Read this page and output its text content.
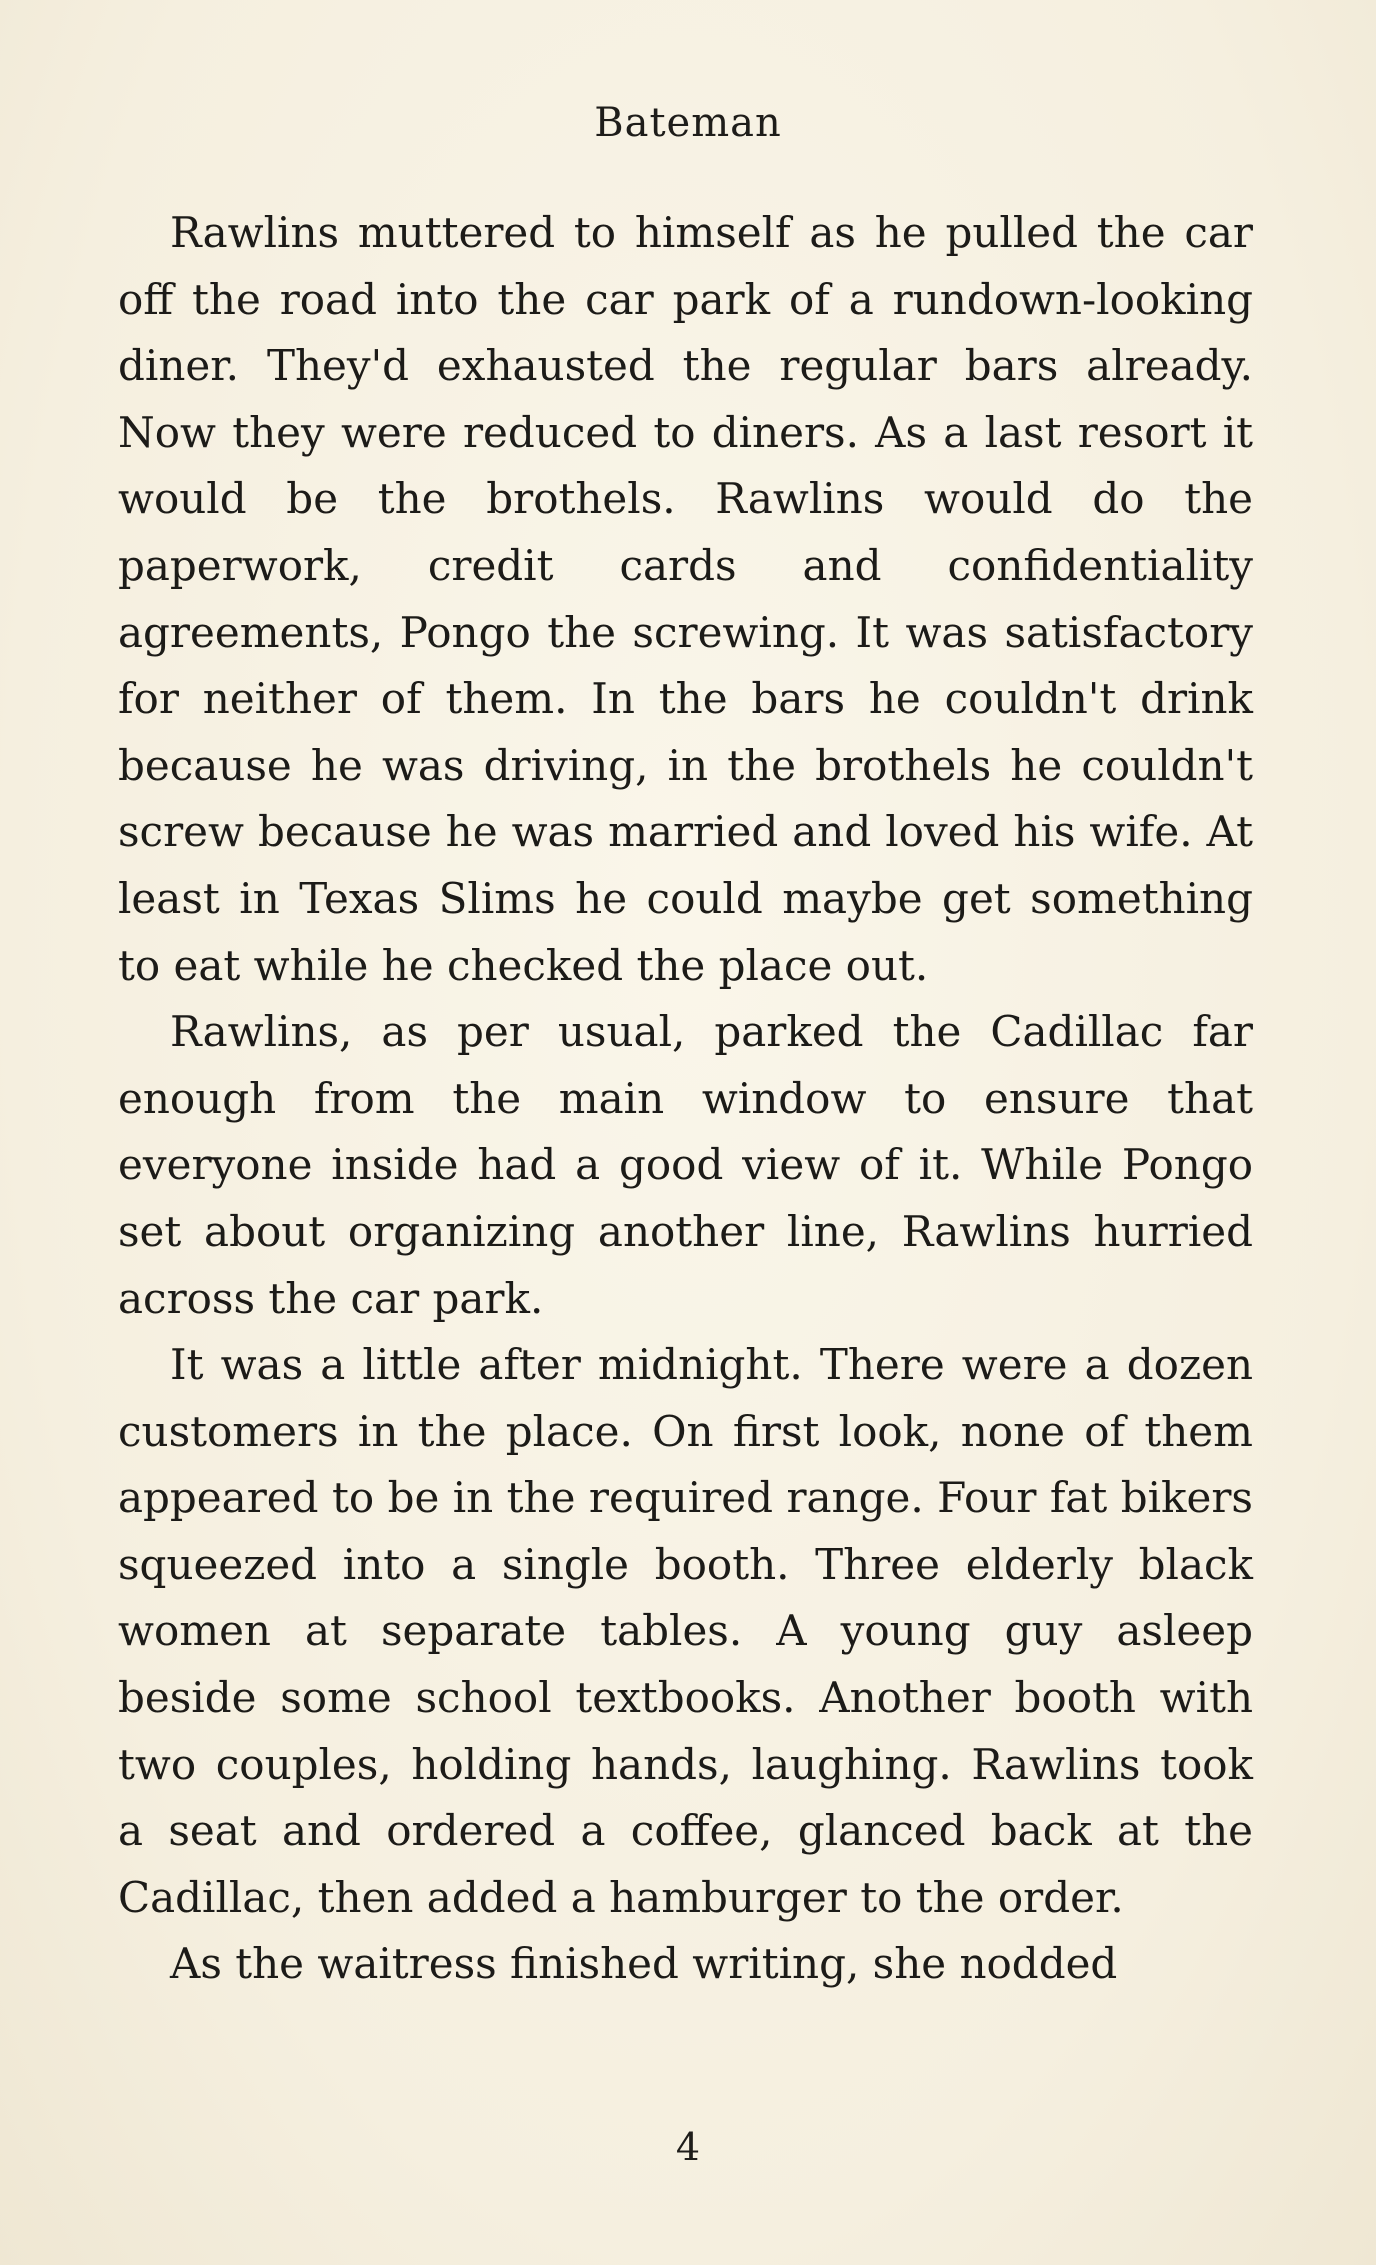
Bateman

Rawlins muttered to himself as he pulled the car off the road into the car park of a rundown-looking diner. They'd exhausted the regular bars already. Now they were reduced to diners. As a last resort it would be the brothels. Rawlins would do the paperwork, credit cards and confidentiality agreements, Pongo the screwing. It was satisfactory for neither of them. In the bars he couldn't drink because he was driving, in the brothels he couldn't screw because he was married and loved his wife. At least in Texas Slims he could maybe get something to eat while he checked the place out.

Rawlins, as per usual, parked the Cadillac far enough from the main window to ensure that everyone inside had a good view of it. While Pongo set about organizing another line, Rawlins hurried across the car park.

It was a little after midnight. There were a dozen customers in the place. On first look, none of them appeared to be in the required range. Four fat bikers squeezed into a single booth. Three elderly black women at separate tables. A young guy asleep beside some school textbooks. Another booth with two couples, holding hands, laughing. Rawlins took a seat and ordered a coffee, glanced back at the Cadillac, then added a hamburger to the order.

As the waitress finished writing, she nodded

4
